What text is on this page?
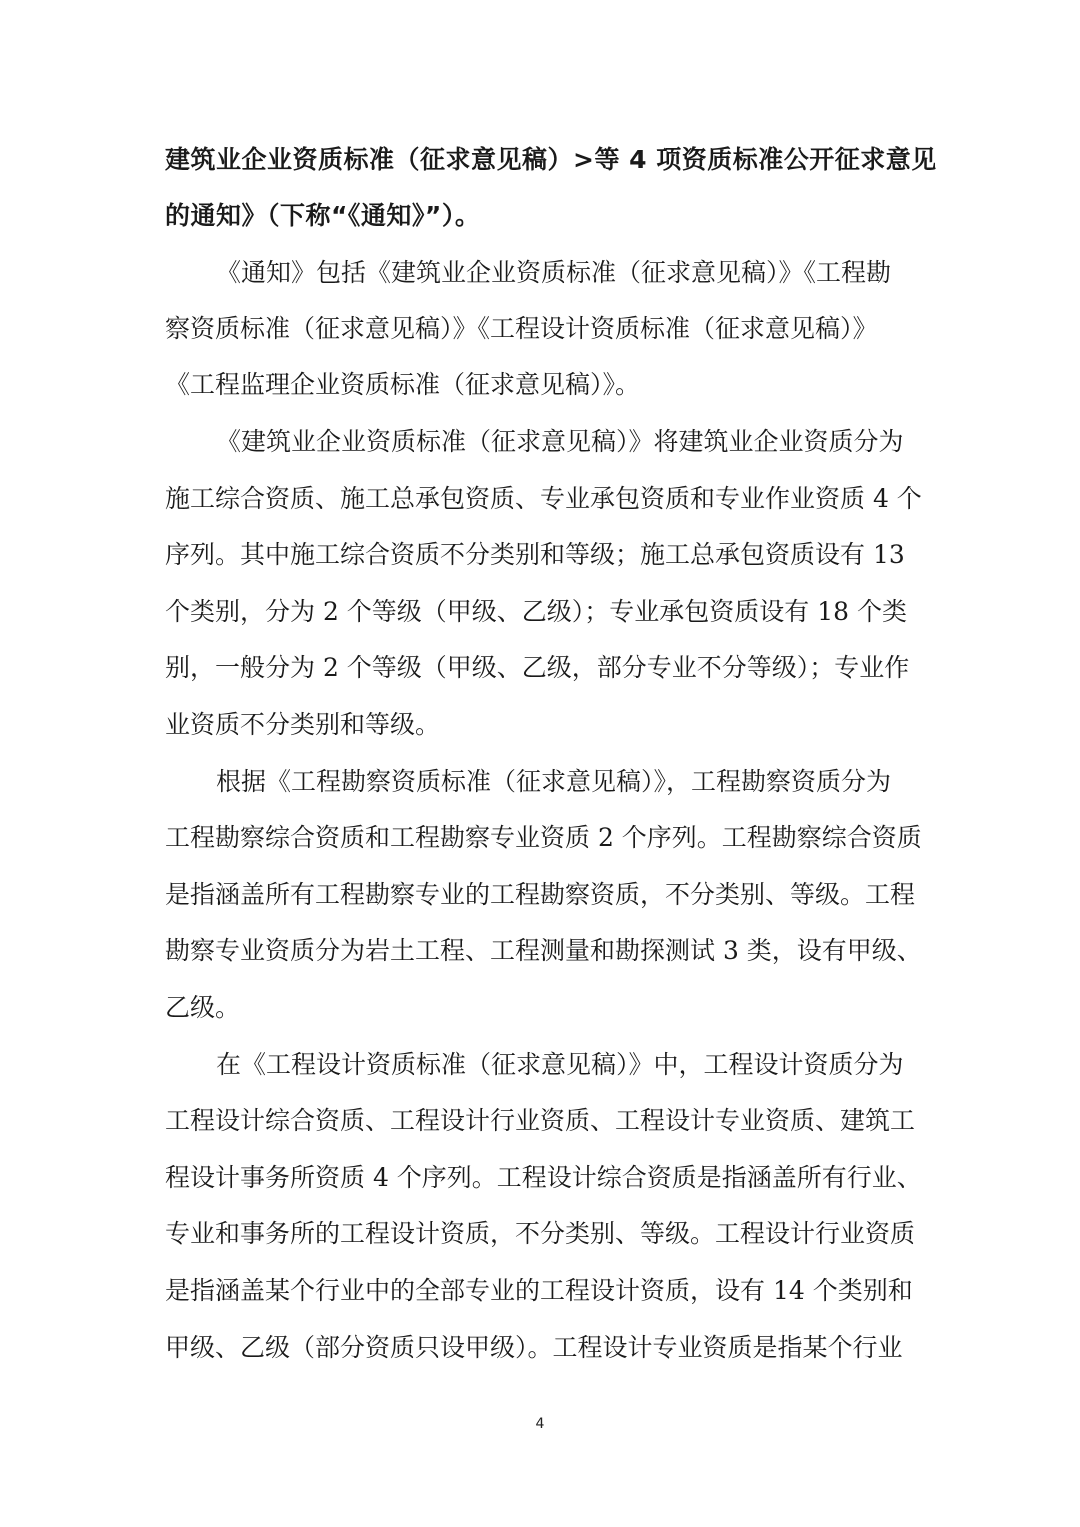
建筑业企业资质标准（征求意见稿）>等 4 项资质标准公开征求意见
的通知》（下称“《通知》”）。
《通知》包括《建筑业企业资质标准（征求意见稿）》《工程勘
察资质标准（征求意见稿）》《工程设计资质标准（征求意见稿）》
《工程监理企业资质标准（征求意见稿）》。
《建筑业企业资质标准（征求意见稿）》将建筑业企业资质分为
施工综合资质、施工总承包资质、专业承包资质和专业作业资质 4 个
序列。其中施工综合资质不分类别和等级；施工总承包资质设有 13
个类别，分为 2 个等级（甲级、乙级）；专业承包资质设有 18 个类
别，一般分为 2 个等级（甲级、乙级，部分专业不分等级）；专业作
业资质不分类别和等级。
根据《工程勘察资质标准（征求意见稿）》，工程勘察资质分为
工程勘察综合资质和工程勘察专业资质 2 个序列。工程勘察综合资质
是指涵盖所有工程勘察专业的工程勘察资质，不分类别、等级。工程
勘察专业资质分为岩土工程、工程测量和勘探测试 3 类，设有甲级、
乙级。
在《工程设计资质标准（征求意见稿）》中，工程设计资质分为
工程设计综合资质、工程设计行业资质、工程设计专业资质、建筑工
程设计事务所资质 4 个序列。工程设计综合资质是指涵盖所有行业、
专业和事务所的工程设计资质，不分类别、等级。工程设计行业资质
是指涵盖某个行业中的全部专业的工程设计资质，设有 14 个类别和
甲级、乙级（部分资质只设甲级）。工程设计专业资质是指某个行业
4
